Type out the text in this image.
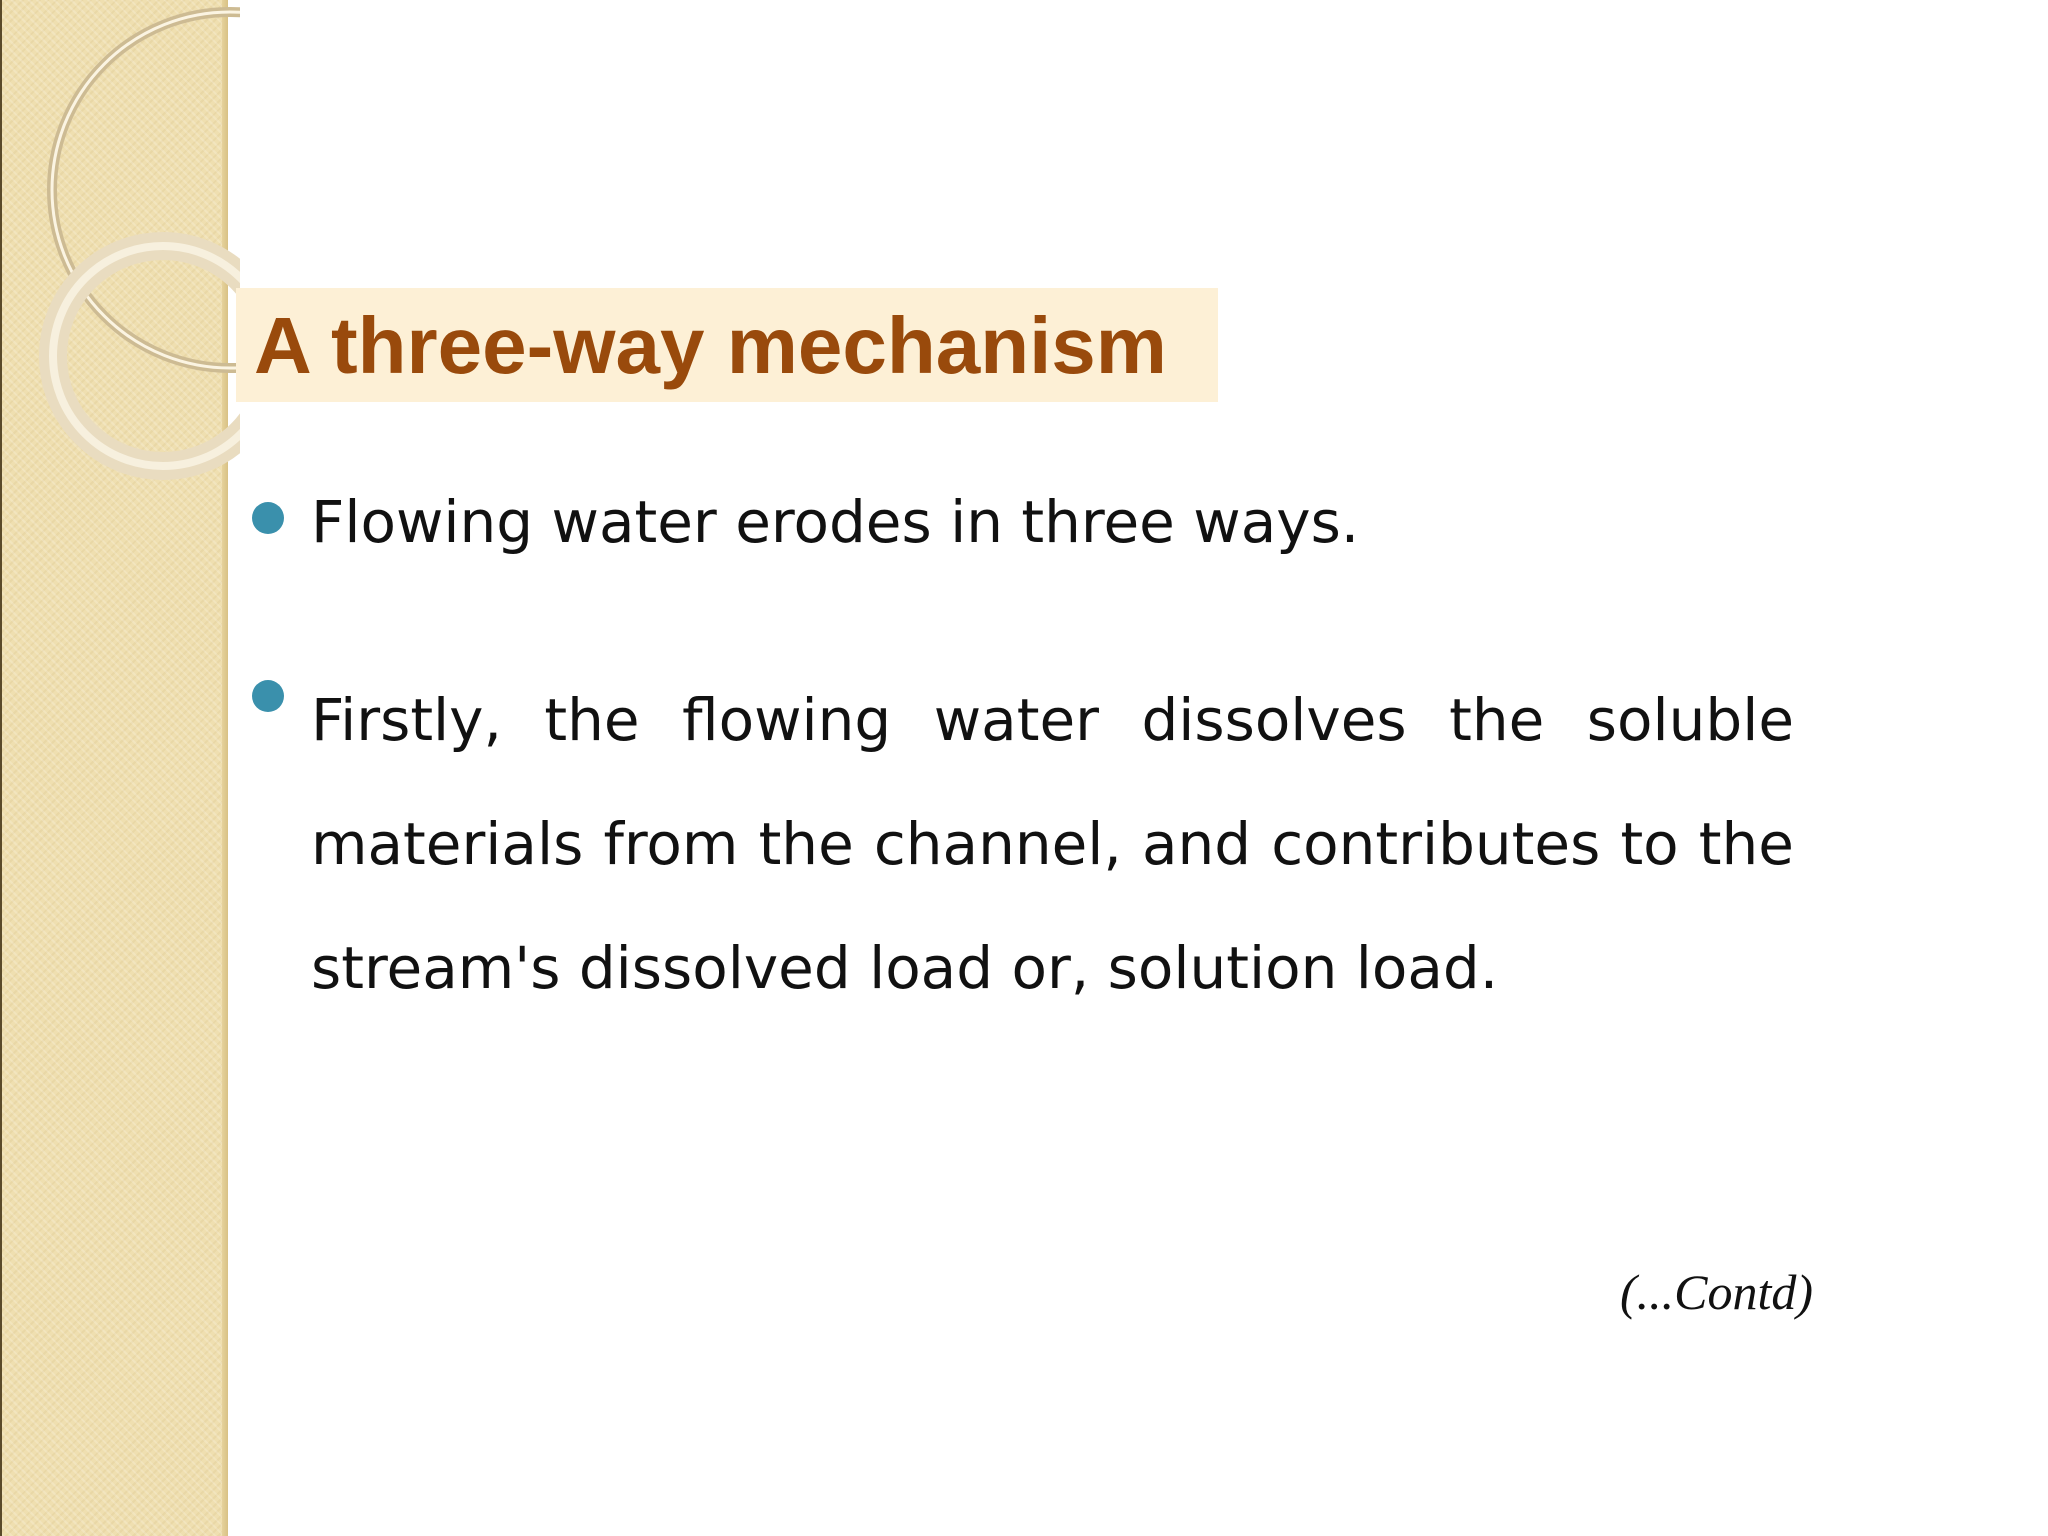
A three-way mechanism

Flowing water erodes in three ways.

Firstly, the flowing water dissolves the soluble materials from the channel, and contributes to the stream's dissolved load or, solution load.

(...Contd)
